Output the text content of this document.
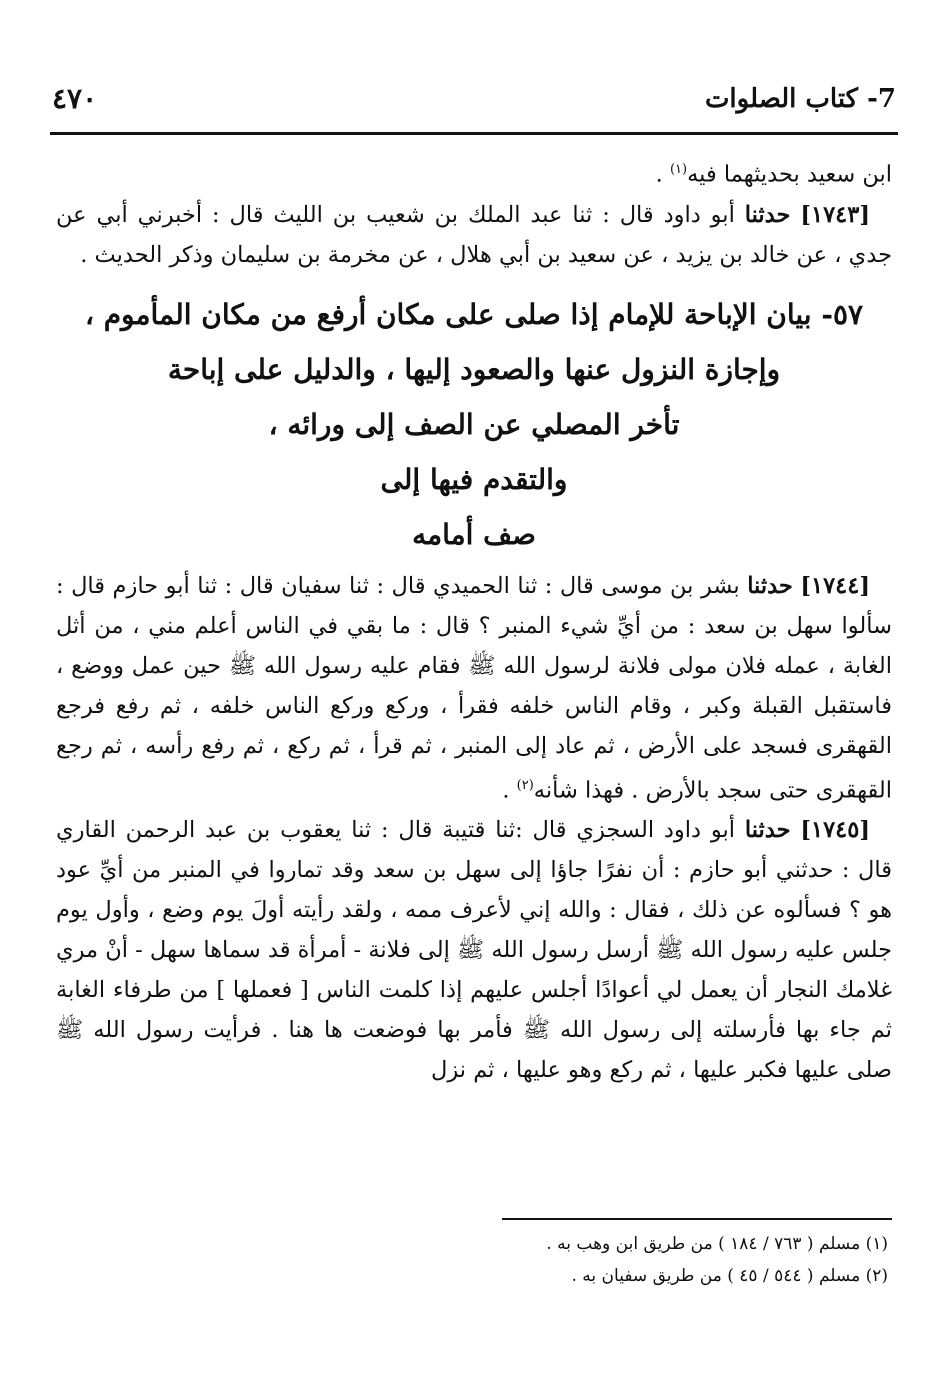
7- كتاب الصلوات
٤٧٠

ابن سعيد بحديثهما فيه$^{(١)}$ .

[١٧٤٣] حدثنا أبو داود قال : ثنا عبد الملك بن شعيب بن الليث قال : أخبرني أبي عن جدي ، عن خالد بن يزيد ، عن سعيد بن أبي هلال ، عن مخرمة بن سليمان وذكر الحديث .

٥٧- بيان الإباحة للإمام إذا صلى على مكان أرفع من مكان المأموم ،
وإجازة النزول عنها والصعود إليها ، والدليل على إباحة
تأخر المصلي عن الصف إلى ورائه ،
والتقدم فيها إلى
صف أمامه

[١٧٤٤] حدثنا بشر بن موسى قال : ثنا الحميدي قال : ثنا سفيان قال : ثنا أبو حازم قال : سألوا سهل بن سعد : من أيِّ شيء المنبر ؟ قال : ما بقي في الناس أعلم مني ، من أثل الغابة ، عمله فلان مولى فلانة لرسول الله ﷺ فقام عليه رسول الله ﷺ حين عمل ووضع ، فاستقبل القبلة وكبر ، وقام الناس خلفه فقرأ ، وركع وركع الناس خلفه ، ثم رفع فرجع القهقرى فسجد على الأرض ، ثم عاد إلى المنبر ، ثم قرأ ، ثم ركع ، ثم رفع رأسه ، ثم رجع القهقرى حتى سجد بالأرض . فهذا شأنه$^{(٢)}$ .

[١٧٤٥] حدثنا أبو داود السجزي قال :ثنا قتيبة قال : ثنا يعقوب بن عبد الرحمن القاري قال : حدثني أبو حازم : أن نفرًا جاؤا إلى سهل بن سعد وقد تماروا في المنبر من أيِّ عود هو ؟ فسألوه عن ذلك ، فقال : والله إني لأعرف ممه ، ولقد رأيته أولَ يوم وضع ، وأول يوم جلس عليه رسول الله ﷺ أرسل رسول الله ﷺ إلى فلانة - أمرأة قد سماها سهل - أنْ مري غلامك النجار أن يعمل لي أعوادًا أجلس عليهم إذا كلمت الناس [ فعملها ] من طرفاء الغابة ثم جاء بها فأرسلته إلى رسول الله ﷺ فأمر بها فوضعت ها هنا . فرأيت رسول الله ﷺ صلى عليها فكبر عليها ، ثم ركع وهو عليها ، ثم نزل

(١) مسلم ( ٧٦٣ / ١٨٤ ) من طريق ابن وهب به .
(٢) مسلم ( ٥٤٤ / ٤٥ ) من طريق سفيان به .
